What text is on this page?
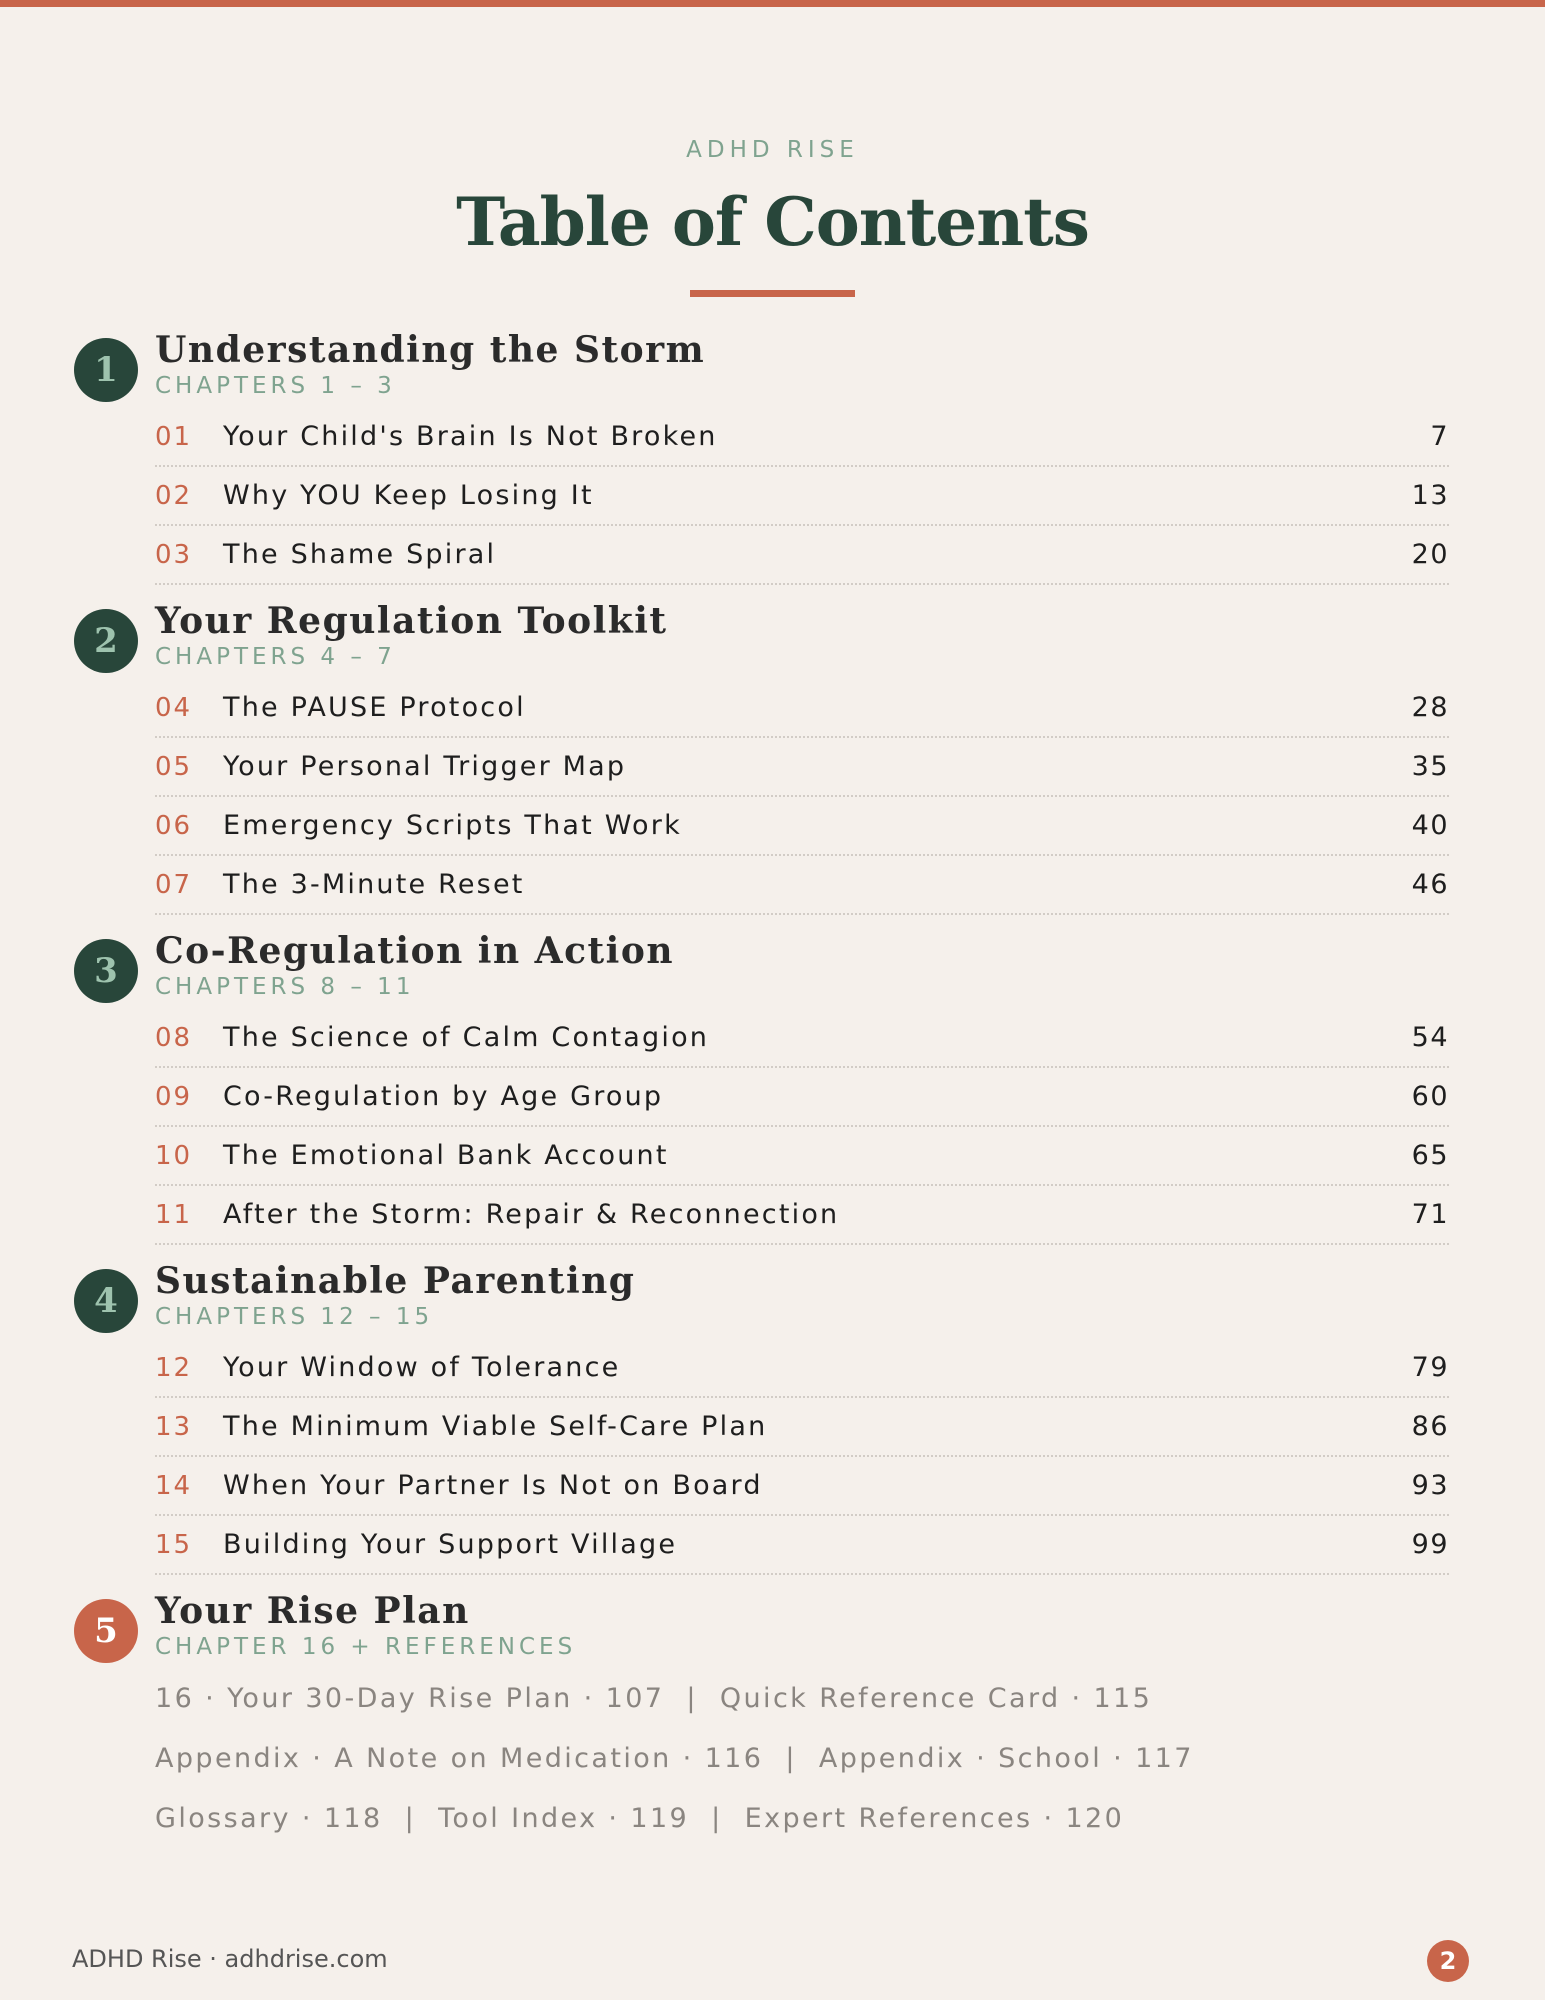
ADHD RISE
Table of Contents
1	Understanding the Storm
CHAPTERS 1 – 3
01	Your Child's Brain Is Not Broken	7
02	Why YOU Keep Losing It	13
03	The Shame Spiral	20
2	Your Regulation Toolkit
CHAPTERS 4 – 7
04	The PAUSE Protocol	28
05	Your Personal Trigger Map	35
06	Emergency Scripts That Work	40
07	The 3-Minute Reset	46
3	Co-Regulation in Action
CHAPTERS 8 – 11
08	The Science of Calm Contagion	54
09	Co-Regulation by Age Group	60
10	The Emotional Bank Account	65
11	After the Storm: Repair & Reconnection	71
4	Sustainable Parenting
CHAPTERS 12 – 15
12	Your Window of Tolerance	79
13	The Minimum Viable Self-Care Plan	86
14	When Your Partner Is Not on Board	93
15	Building Your Support Village	99
5	Your Rise Plan
CHAPTER 16 + REFERENCES
16 · Your 30-Day Rise Plan · 107 | Quick Reference Card · 115
Appendix · A Note on Medication · 116 | Appendix · School · 117
Glossary · 118 | Tool Index · 119 | Expert References · 120
ADHD Rise · adhdrise.com	2
